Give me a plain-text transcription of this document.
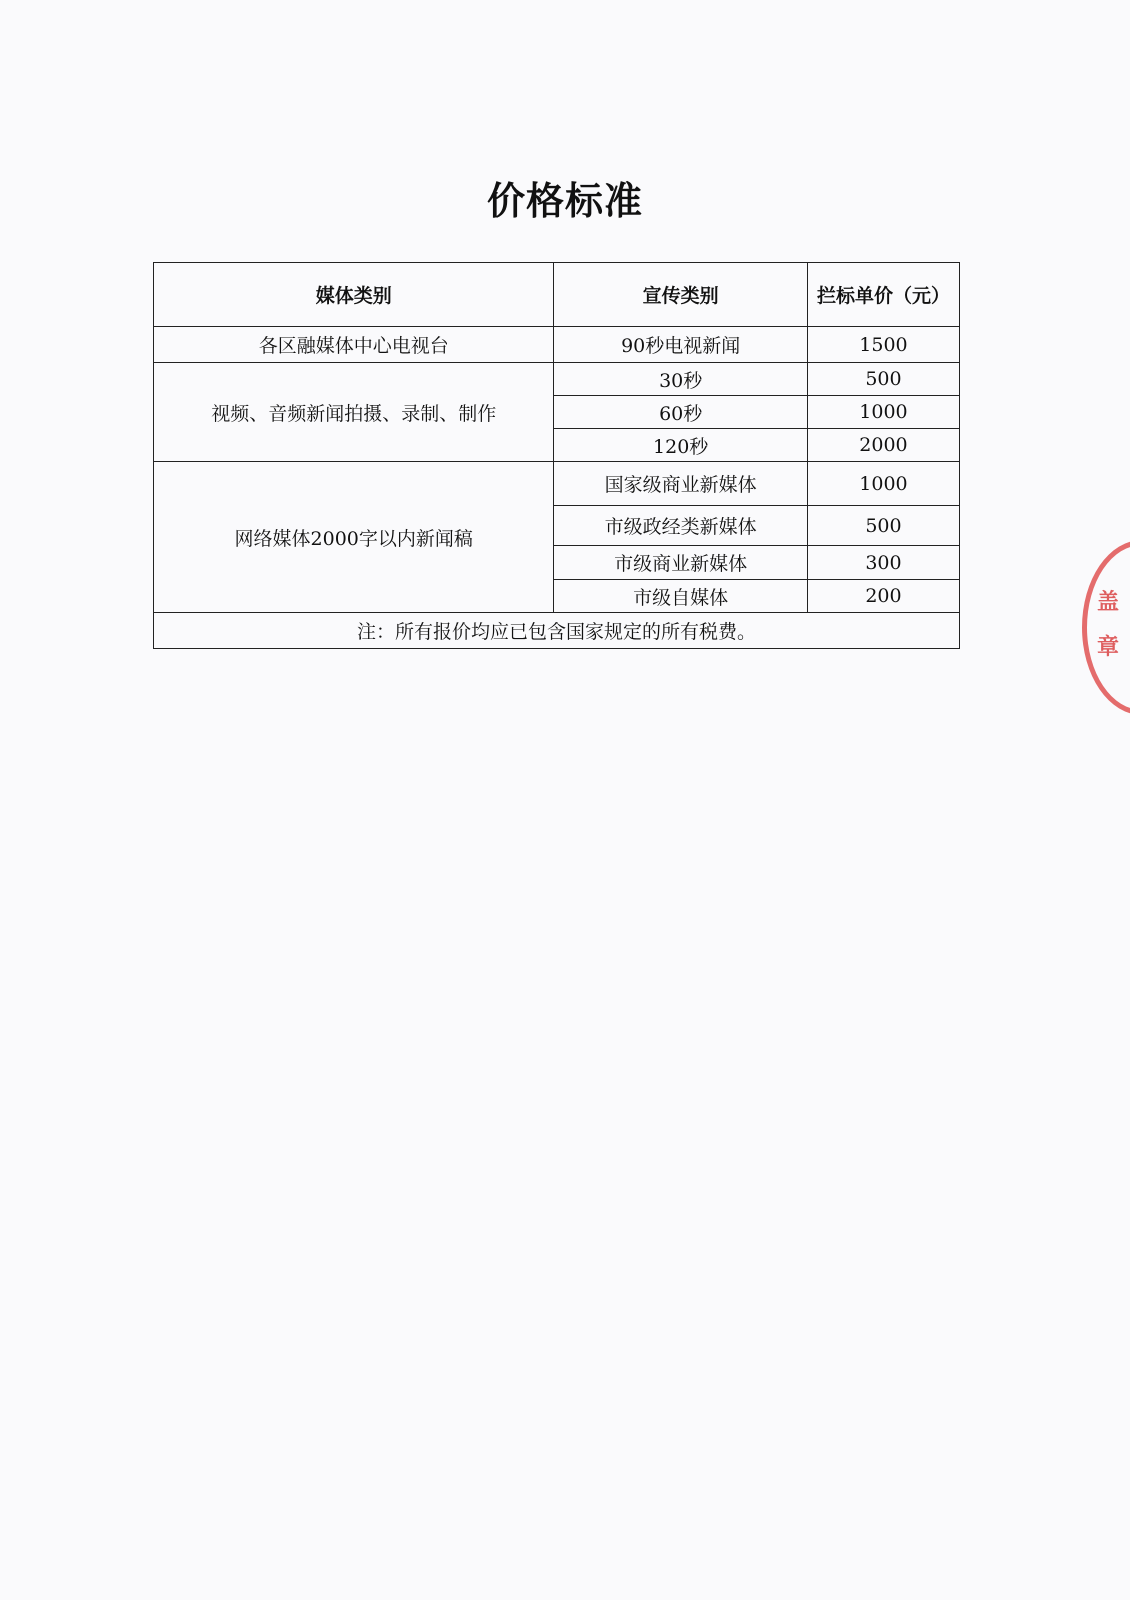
价格标准
媒体类别	宣传类别	拦标单价（元）
各区融媒体中心电视台	90秒电视新闻	1500
视频、音频新闻拍摄、录制、制作	30秒	500
	60秒	1000
	120秒	2000
网络媒体2000字以内新闻稿	国家级商业新媒体	1000
	市级政经类新媒体	500
	市级商业新媒体	300
	市级自媒体	200
注：所有报价均应已包含国家规定的所有税费。		
盖
章
